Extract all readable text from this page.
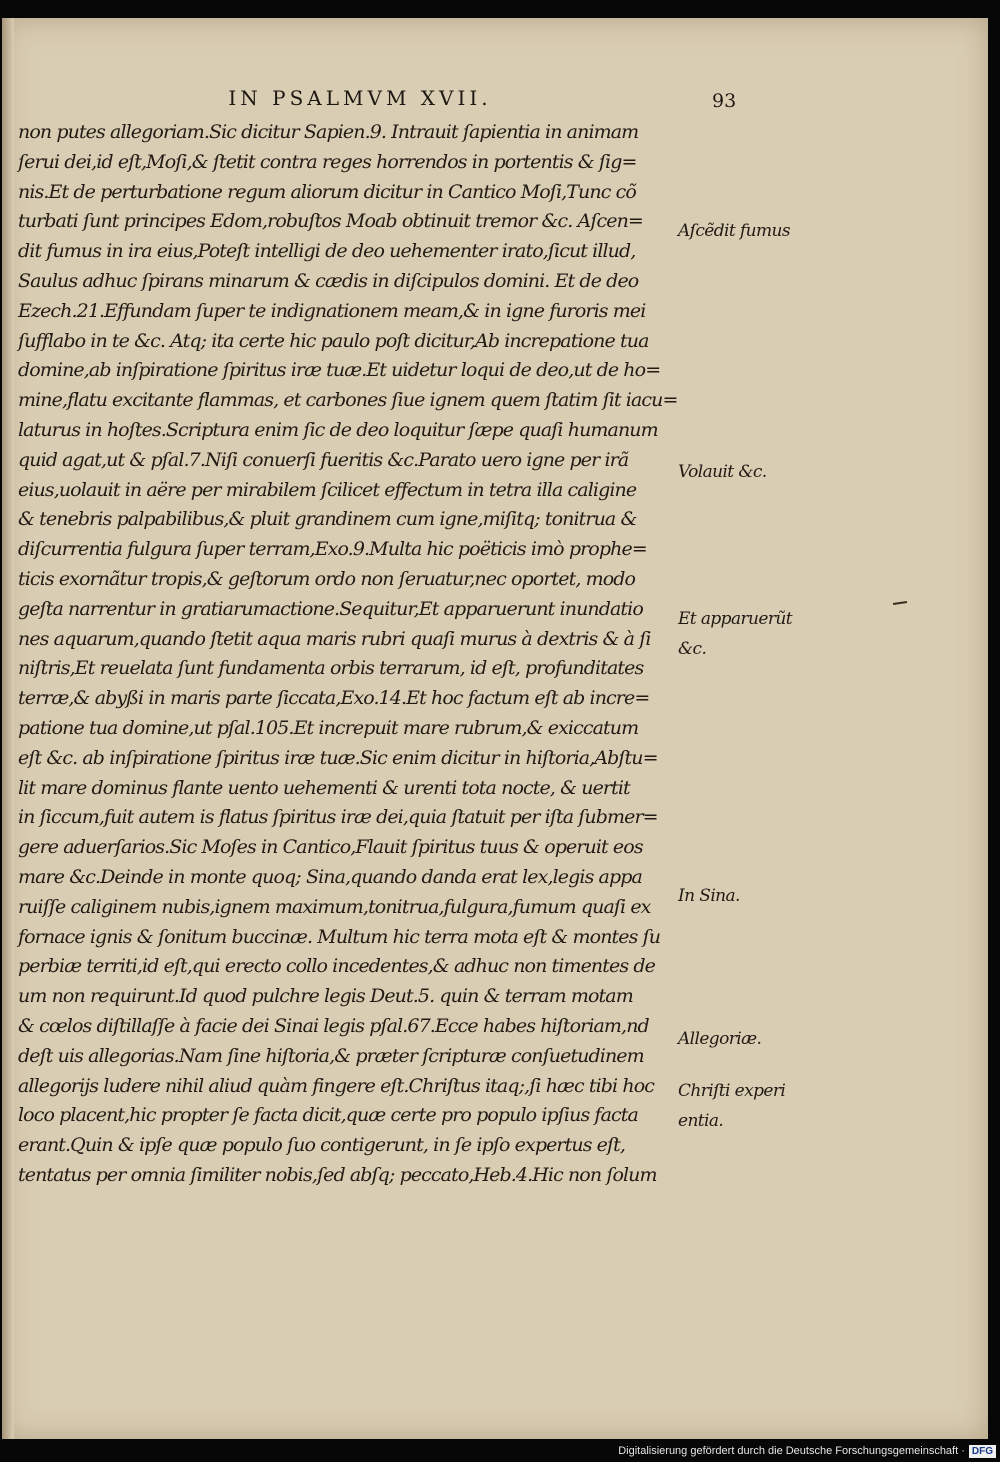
IN PSALMVM XVII.	93
non putes allegoriam.Sic dicitur Sapien.9. Intrauit ſapientia in animam
ſerui dei,id eſt,Moſi,& ſtetit contra reges horrendos in portentis & ſig=
nis.Et de perturbatione regum aliorum dicitur in Cantico Moſi,Tunc cõ
turbati ſunt principes Edom,robuſtos Moab obtinuit tremor &c. Aſcen=
dit fumus in ira eius,Poteſt intelligi de deo uehementer irato,ſicut illud,
Saulus adhuc ſpirans minarum & cædis in diſcipulos domini. Et de deo
Ezech.21.Effundam ſuper te indignationem meam,& in igne furoris mei
ſufflabo in te &c. Atq; ita certe hic paulo poſt dicitur,Ab increpatione tua
domine,ab inſpiratione ſpiritus iræ tuæ.Et uidetur loqui de deo,ut de ho=
mine,flatu excitante flammas, et carbones ſiue ignem quem ſtatim ſit iacu=
laturus in hoſtes.Scriptura enim ſic de deo loquitur ſæpe quaſi humanum
quid agat,ut & pſal.7.Niſi conuerſi fueritis &c.Parato uero igne per irã
eius,uolauit in aëre per mirabilem ſcilicet effectum in tetra illa caligine
& tenebris palpabilibus,& pluit grandinem cum igne,miſitq; tonitrua &
diſcurrentia fulgura ſuper terram,Exo.9.Multa hic poëticis imò prophe=
ticis exornãtur tropis,& geſtorum ordo non ſeruatur,nec oportet, modo
geſta narrentur in gratiarumactione.Sequitur,Et apparuerunt inundatio
nes aquarum,quando ſtetit aqua maris rubri quaſi murus à dextris & à ſi
niſtris,Et reuelata ſunt fundamenta orbis terrarum, id eſt, profunditates
terræ,& abyßi in maris parte ſiccata,Exo.14.Et hoc factum eſt ab incre=
patione tua domine,ut pſal.105.Et increpuit mare rubrum,& exiccatum
eſt &c. ab inſpiratione ſpiritus iræ tuæ.Sic enim dicitur in hiſtoria,Abſtu=
lit mare dominus flante uento uehementi & urenti tota nocte, & uertit
in ſiccum,fuit autem is flatus ſpiritus iræ dei,quia ſtatuit per iſta ſubmer=
gere aduerſarios.Sic Moſes in Cantico,Flauit ſpiritus tuus & operuit eos
mare &c.Deinde in monte quoq; Sina,quando danda erat lex,legis appa
ruiſſe caliginem nubis,ignem maximum,tonitrua,fulgura,fumum quaſi ex
fornace ignis & ſonitum buccinæ. Multum hic terra mota eſt & montes ſu
perbiæ territi,id eſt,qui erecto collo incedentes,& adhuc non timentes de
um non requirunt.Id quod pulchre legis Deut.5. quin & terram motam
& cœlos diſtillaſſe à facie dei Sinai legis pſal.67.Ecce habes hiſtoriam,nd
deſt uis allegorias.Nam ſine hiſtoria,& præter ſcripturæ conſuetudinem
allegorijs ludere nihil aliud quàm fingere eſt.Chriſtus itaq;,ſi hæc tibi hoc
loco placent,hic propter ſe facta dicit,quæ certe pro populo ipſius facta
erant.Quin & ipſe quæ populo ſuo contigerunt, in ſe ipſo expertus eſt,
tentatus per omnia ſimiliter nobis,ſed abſq; peccato,Heb.4.Hic non ſolum
Aſcẽdit fumus
Volauit &c.
Et apparuerũt
&c.
In Sina.
Allegoriæ.
Chriſti experi
entia.
Digitalisierung gefördert durch die Deutsche Forschungsgemeinschaft · DFG
